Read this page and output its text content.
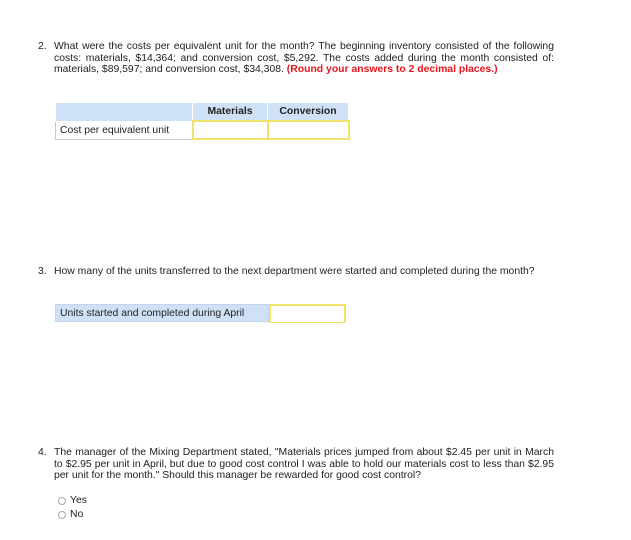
2. What were the costs per equivalent unit for the month? The beginning inventory consisted of the following costs: materials, $14,364; and conversion cost, $5,292. The costs added during the month consisted of: materials, $89,597; and conversion cost, $34,308. (Round your answers to 2 decimal places.)
	Materials	Conversion
Cost per equivalent unit		
3. How many of the units transferred to the next department were started and completed during the month?
Units started and completed during April
4. The manager of the Mixing Department stated, "Materials prices jumped from about $2.45 per unit in March to $2.95 per unit in April, but due to good cost control I was able to hold our materials cost to less than $2.95 per unit for the month." Should this manager be rewarded for good cost control?
Yes
No
